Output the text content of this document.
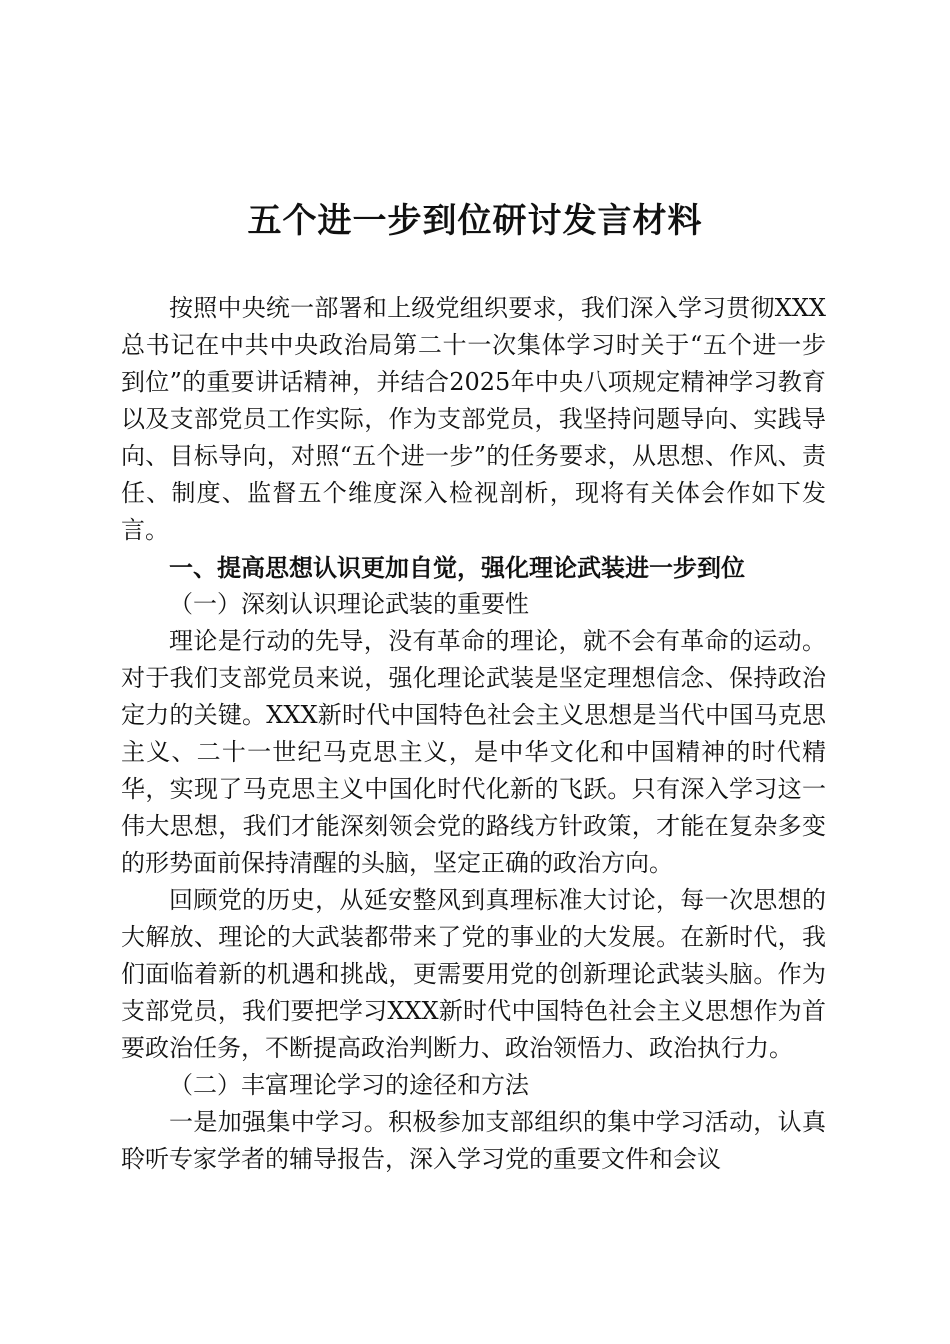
五个进一步到位研讨发言材料

按照中央统一部署和上级党组织要求，我们深入学习贯彻XXX总书记在中共中央政治局第二十一次集体学习时关于“五个进一步到位”的重要讲话精神，并结合2025年中央八项规定精神学习教育以及支部党员工作实际，作为支部党员，我坚持问题导向、实践导向、目标导向，对照“五个进一步”的任务要求，从思想、作风、责任、制度、监督五个维度深入检视剖析，现将有关体会作如下发言。

一、提高思想认识更加自觉，强化理论武装进一步到位

（一）深刻认识理论武装的重要性

理论是行动的先导，没有革命的理论，就不会有革命的运动。对于我们支部党员来说，强化理论武装是坚定理想信念、保持政治定力的关键。XXX新时代中国特色社会主义思想是当代中国马克思主义、二十一世纪马克思主义，是中华文化和中国精神的时代精华，实现了马克思主义中国化时代化新的飞跃。只有深入学习这一伟大思想，我们才能深刻领会党的路线方针政策，才能在复杂多变的形势面前保持清醒的头脑，坚定正确的政治方向。

回顾党的历史，从延安整风到真理标准大讨论，每一次思想的大解放、理论的大武装都带来了党的事业的大发展。在新时代，我们面临着新的机遇和挑战，更需要用党的创新理论武装头脑。作为支部党员，我们要把学习XXX新时代中国特色社会主义思想作为首要政治任务，不断提高政治判断力、政治领悟力、政治执行力。

（二）丰富理论学习的途径和方法

一是加强集中学习。积极参加支部组织的集中学习活动，认真聆听专家学者的辅导报告，深入学习党的重要文件和会议
